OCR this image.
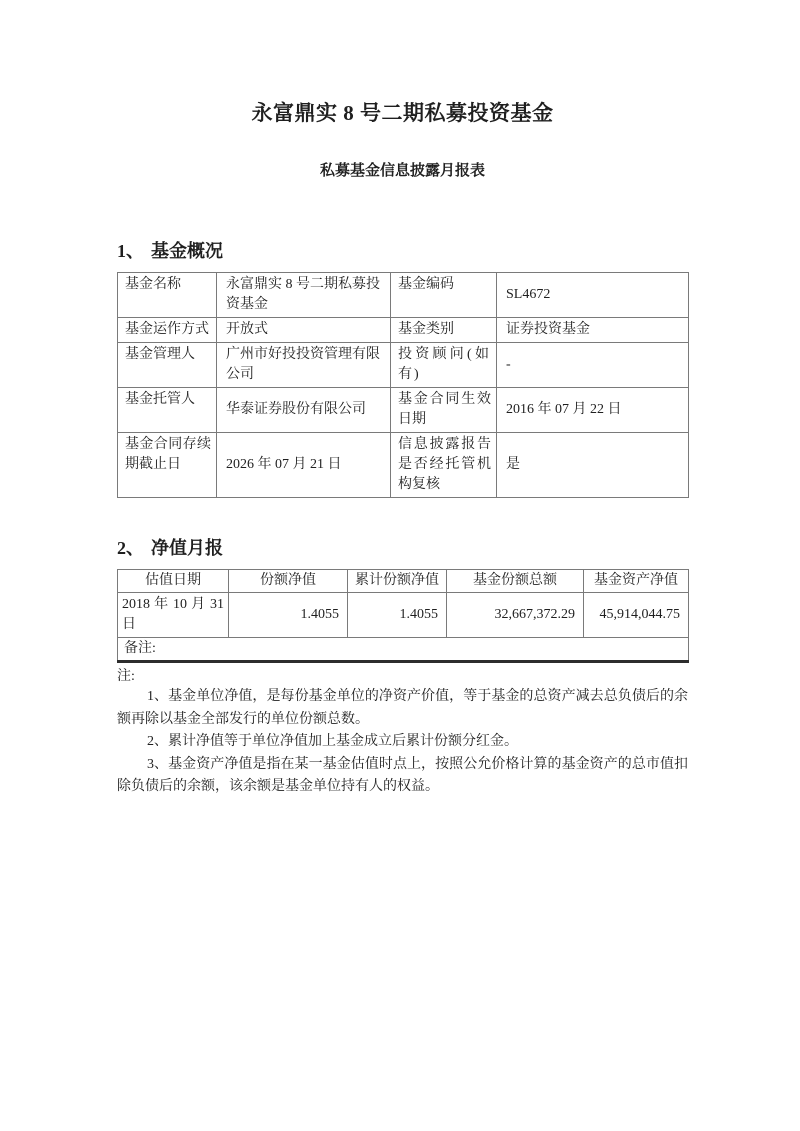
永富鼎实 8 号二期私募投资基金
私募基金信息披露月报表
1、 基金概况
基金名称	永富鼎实 8 号二期私募投资基金	基金编码	SL4672
基金运作方式	开放式	基金类别	证券投资基金
基金管理人	广州市好投投资管理有限公司	投资顾问(如有)	-
基金托管人	华泰证券股份有限公司	基金合同生效日期	2016 年 07 月 22 日
基金合同存续期截止日	2026 年 07 月 21 日	信息披露报告是否经托管机构复核	是
2、 净值月报
估值日期	份额净值	累计份额净值	基金份额总额	基金资产净值
2018 年 10 月 31 日	1.4055	1.4055	32,667,372.29	45,914,044.75
备注:				
注:

1、基金单位净值，是每份基金单位的净资产价值，等于基金的总资产减去总负债后的余额再除以基金全部发行的单位份额总数。

2、累计净值等于单位净值加上基金成立后累计份额分红金。

3、基金资产净值是指在某一基金估值时点上，按照公允价格计算的基金资产的总市值扣除负债后的余额，该余额是基金单位持有人的权益。
